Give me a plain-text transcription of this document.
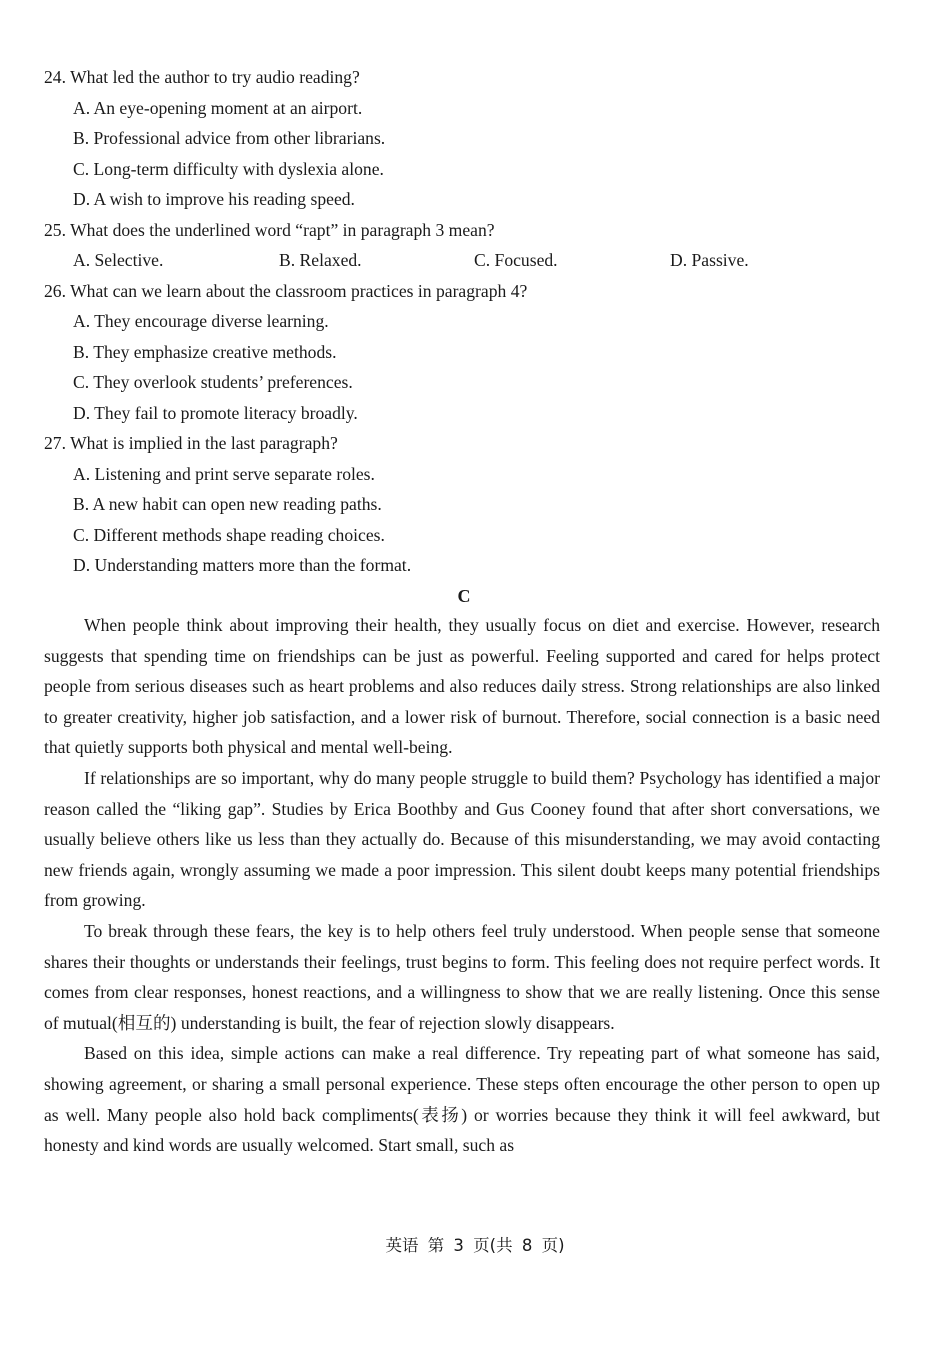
24. What led the author to try audio reading?
A. An eye-opening moment at an airport.
B. Professional advice from other librarians.
C. Long-term difficulty with dyslexia alone.
D. A wish to improve his reading speed.
25. What does the underlined word “rapt” in paragraph 3 mean?
A. Selective.	B. Relaxed.	C. Focused.	D. Passive.
26. What can we learn about the classroom practices in paragraph 4?
A. They encourage diverse learning.
B. They emphasize creative methods.
C. They overlook students’ preferences.
D. They fail to promote literacy broadly.
27. What is implied in the last paragraph?
A. Listening and print serve separate roles.
B. A new habit can open new reading paths.
C. Different methods shape reading choices.
D. Understanding matters more than the format.
C

When people think about improving their health, they usually focus on diet and exercise. However, research suggests that spending time on friendships can be just as powerful. Feeling supported and cared for helps protect people from serious diseases such as heart problems and also reduces daily stress. Strong relationships are also linked to greater creativity, higher job satisfaction, and a lower risk of burnout. Therefore, social connection is a basic need that quietly supports both physical and mental well-being.

If relationships are so important, why do many people struggle to build them? Psychology has identified a major reason called the “liking gap”. Studies by Erica Boothby and Gus Cooney found that after short conversations, we usually believe others like us less than they actually do. Because of this misunderstanding, we may avoid contacting new friends again, wrongly assuming we made a poor impression. This silent doubt keeps many potential friendships from growing.

To break through these fears, the key is to help others feel truly understood. When people sense that someone shares their thoughts or understands their feelings, trust begins to form. This feeling does not require perfect words. It comes from clear responses, honest reactions, and a willingness to show that we are really listening. Once this sense of mutual(相互的) understanding is built, the fear of rejection slowly disappears.

Based on this idea, simple actions can make a real difference. Try repeating part of what someone has said, showing agreement, or sharing a small personal experience. These steps often encourage the other person to open up as well. Many people also hold back compliments(表扬) or worries because they think it will feel awkward, but honesty and kind words are usually welcomed. Start small, such as

英语 第 3 页(共 8 页)
